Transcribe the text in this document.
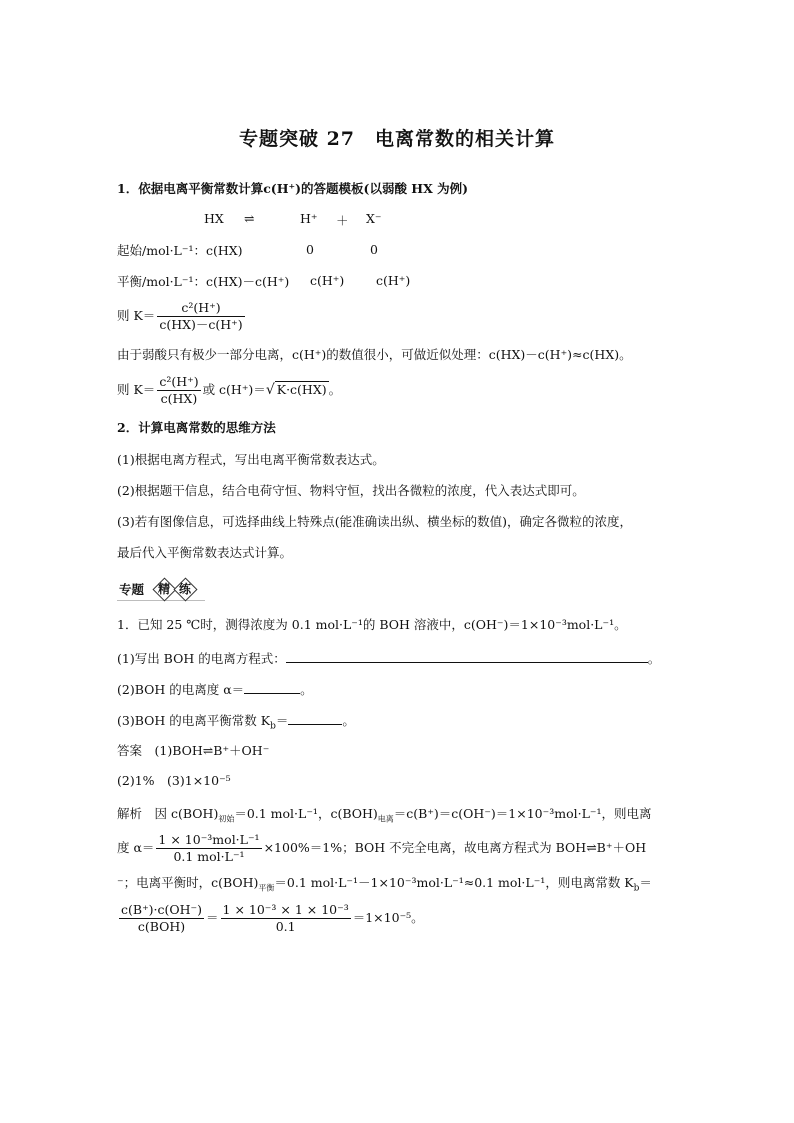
专题突破 27　电离常数的相关计算
1．依据电离平衡常数计算c(H⁺)的答题模板(以弱酸 HX 为例)
HX ⇌	H⁺ ＋ X⁻
起始/mol·L⁻¹：c(HX)	0	0
平衡/mol·L⁻¹：c(HX)－c(H⁺) c(H⁺)	c(H⁺)
则 $K= \frac{\text{c²(H⁺)}}{c(HX)-c(H^+)}$
由于弱酸只有极少一部分电离，c(H⁺)的数值很小，可做近似处理：c(HX)－c(H⁺)≈c(HX)。
则 $K= \frac{\text{c²(H⁺)}}{c(HX)}$ 或 c(H⁺)＝√ K·c(HX) 。
2．计算电离常数的思维方法
(1)根据电离方程式，写出电离平衡常数表达式。
(2)根据题干信息，结合电荷守恒、物料守恒，找出各微粒的浓度，代入表达式即可。
(3)若有图像信息，可选择曲线上特殊点(能准确读出纵、横坐标的数值)，确定各微粒的浓度，
最后代入平衡常数表达式计算。
专题 精 练
1．已知 25 ℃时，测得浓度为 0.1 mol·L⁻¹的 BOH 溶液中，c(OH⁻)＝1×10⁻³mol·L⁻¹。
(1)写出 BOH 的电离方程式：	。
(2)BOH 的电离度 α＝	。
(3)BOH 的电离平衡常数 $K_b=$	。
答案　 (1)BOH⇌B⁺＋OH⁻
(2)1%　(3)1×10⁻⁵
解析　 因 $c(BOH)_{初始}=0.1$ mol·L⁻¹，$c(BOH)_{电离}=c(B^+)=c(OH^-)=1\times 10^{-3}mol\cdot L^{-1}$，则电离
度 $\alpha= \frac{\text{1 × 10⁻³mol·L⁻¹}}{\text{0.1 mol·L⁻¹}} \times 100\%=1\%$；BOH 不完全电离，故电离方程式为 BOH⇌B⁺＋OH
⁻；电离平衡时，$c(BOH)_{平衡}=0.1$ mol·L⁻¹－1×10⁻³mol·L⁻¹≈0.1 mol·L⁻¹，则电离常数 $K_b=$
$\frac{c(B^+)\cdot c(OH^-)}{\text{c(BOH)}} = \frac{\text{1 × 10⁻³ × 1 × 10⁻³}}{0.1} =1\times 10^{-5}$。
